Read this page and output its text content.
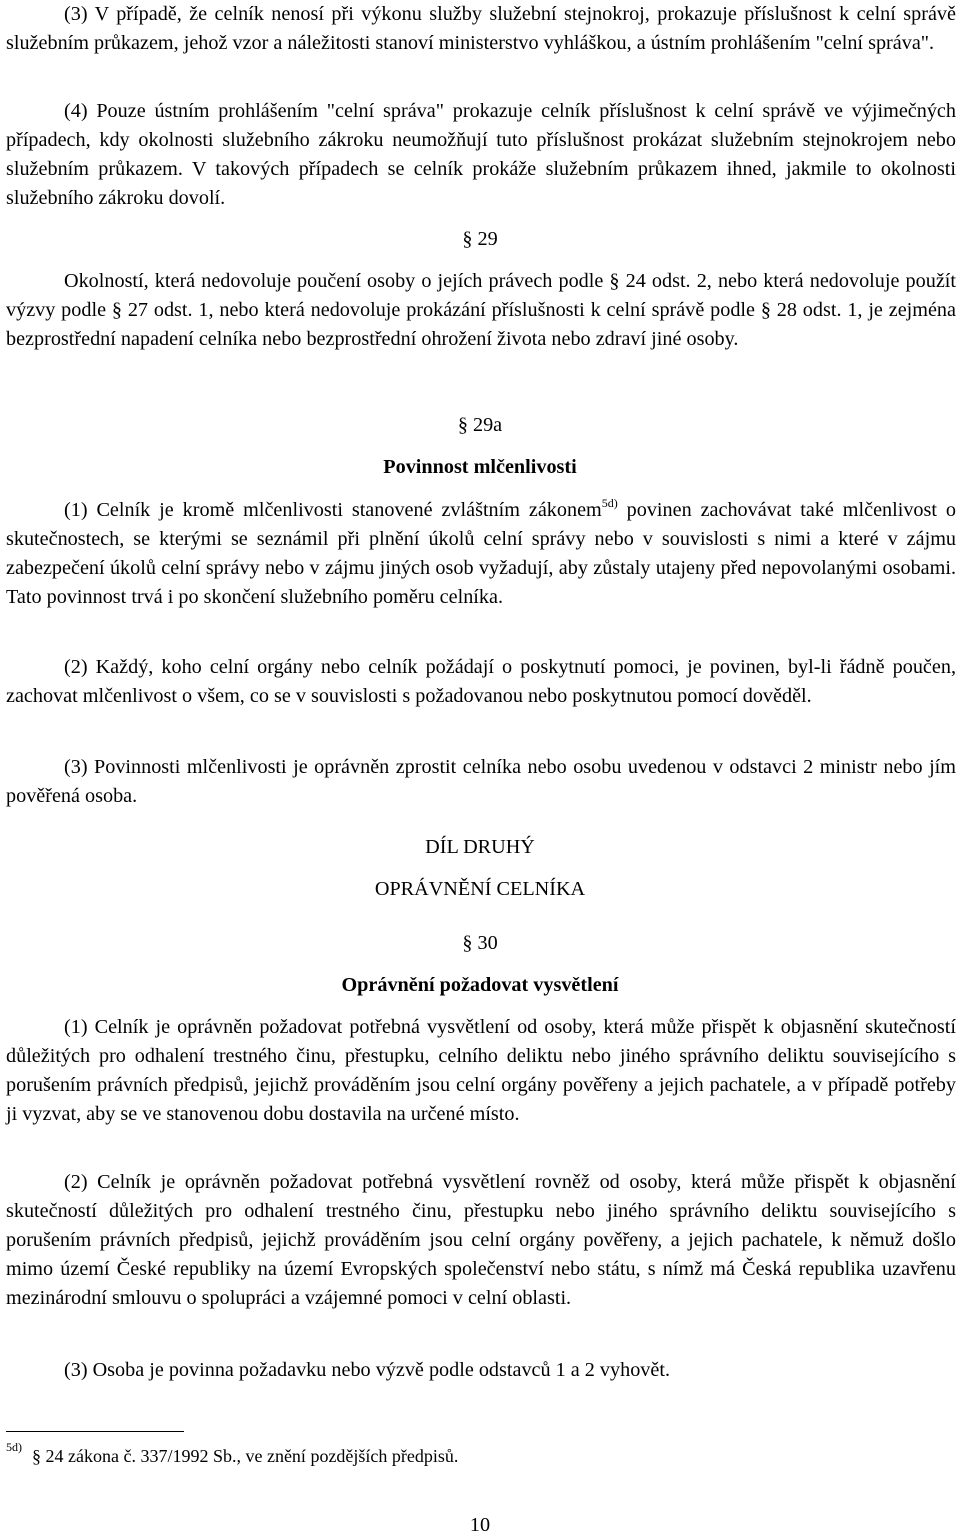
(3) V případě, že celník nenosí při výkonu služby služební stejnokroj, prokazuje příslušnost k celní správě služebním průkazem, jehož vzor a náležitosti stanoví ministerstvo vyhláškou, a ústním prohlášením "celní správa".

(4) Pouze ústním prohlášením "celní správa" prokazuje celník příslušnost k celní správě ve výjimečných případech, kdy okolnosti služebního zákroku neumožňují tuto příslušnost prokázat služebním stejnokrojem nebo služebním průkazem. V takových případech se celník prokáže služebním průkazem ihned, jakmile to okolnosti služebního zákroku dovolí.

§ 29

Okolností, která nedovoluje poučení osoby o jejích právech podle § 24 odst. 2, nebo která nedovoluje použít výzvy podle § 27 odst. 1, nebo která nedovoluje prokázání příslušnosti k celní správě podle § 28 odst. 1, je zejména bezprostřední napadení celníka nebo bezprostřední ohrožení života nebo zdraví jiné osoby.

§ 29a
Povinnost mlčenlivosti

(1) Celník je kromě mlčenlivosti stanovené zvláštním zákonem$^{5d)}$ povinen zachovávat také mlčenlivost o skutečnostech, se kterými se seznámil při plnění úkolů celní správy nebo v souvislosti s nimi a které v zájmu zabezpečení úkolů celní správy nebo v zájmu jiných osob vyžadují, aby zůstaly utajeny před nepovolanými osobami. Tato povinnost trvá i po skončení služebního poměru celníka.

(2) Každý, koho celní orgány nebo celník požádají o poskytnutí pomoci, je povinen, byl-li řádně poučen, zachovat mlčenlivost o všem, co se v souvislosti s požadovanou nebo poskytnutou pomocí dověděl.

(3) Povinnosti mlčenlivosti je oprávněn zprostit celníka nebo osobu uvedenou v odstavci 2 ministr nebo jím pověřená osoba.

DÍL DRUHÝ
OPRÁVNĚNÍ CELNÍKA
§ 30
Oprávnění požadovat vysvětlení

(1) Celník je oprávněn požadovat potřebná vysvětlení od osoby, která může přispět k objasnění skutečností důležitých pro odhalení trestného činu, přestupku, celního deliktu nebo jiného správního deliktu souvisejícího s porušením právních předpisů, jejichž prováděním jsou celní orgány pověřeny a jejich pachatele, a v případě potřeby ji vyzvat, aby se ve stanovenou dobu dostavila na určené místo.

(2) Celník je oprávněn požadovat potřebná vysvětlení rovněž od osoby, která může přispět k objasnění skutečností důležitých pro odhalení trestného činu, přestupku nebo jiného správního deliktu souvisejícího s porušením právních předpisů, jejichž prováděním jsou celní orgány pověřeny, a jejich pachatele, k němuž došlo mimo území České republiky na území Evropských společenství nebo státu, s nímž má Česká republika uzavřenu mezinárodní smlouvu o spolupráci a vzájemné pomoci v celní oblasti.

(3) Osoba je povinna požadavku nebo výzvě podle odstavců 1 a 2 vyhovět.

5d) § 24 zákona č. 337/1992 Sb., ve znění pozdějších předpisů.
10
